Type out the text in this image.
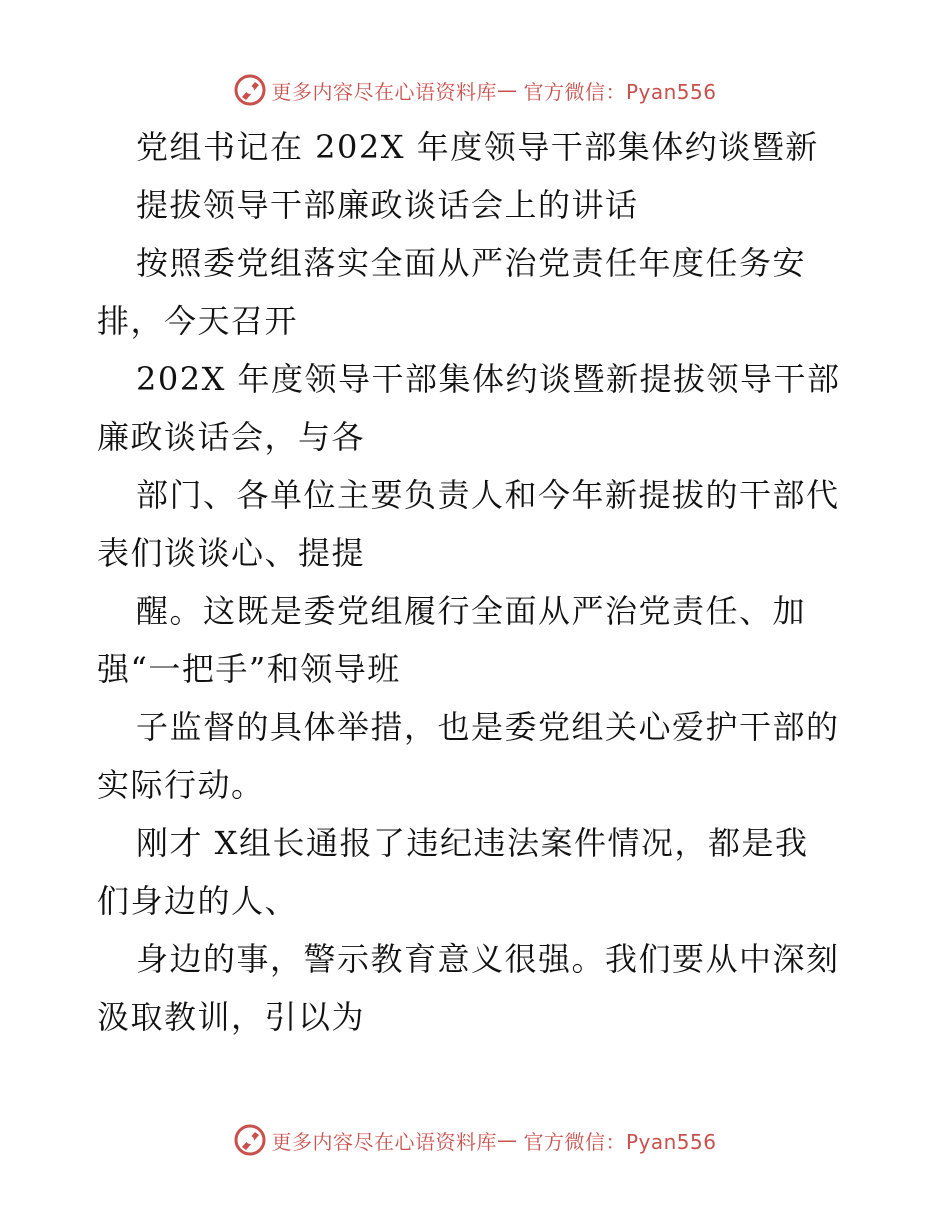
更多内容尽在心语资料库 — 官方微信：Pyan556
党组书记在 202X 年度领导干部集体约谈暨新
提拔领导干部廉政谈话会上的讲话
按照委党组落实全面从严治党责任年度任务安
排，今天召开
202X 年度领导干部集体约谈暨新提拔领导干部
廉政谈话会，与各
部门、各单位主要负责人和今年新提拔的干部代
表们谈谈心、提提
醒。这既是委党组履行全面从严治党责任、加
强“一把手”和领导班
子监督的具体举措，也是委党组关心爱护干部的
实际行动。
刚才 X组长通报了违纪违法案件情况，都是我
们身边的人、
身边的事，警示教育意义很强。我们要从中深刻
汲取教训，引以为
更多内容尽在心语资料库 — 官方微信：Pyan556
